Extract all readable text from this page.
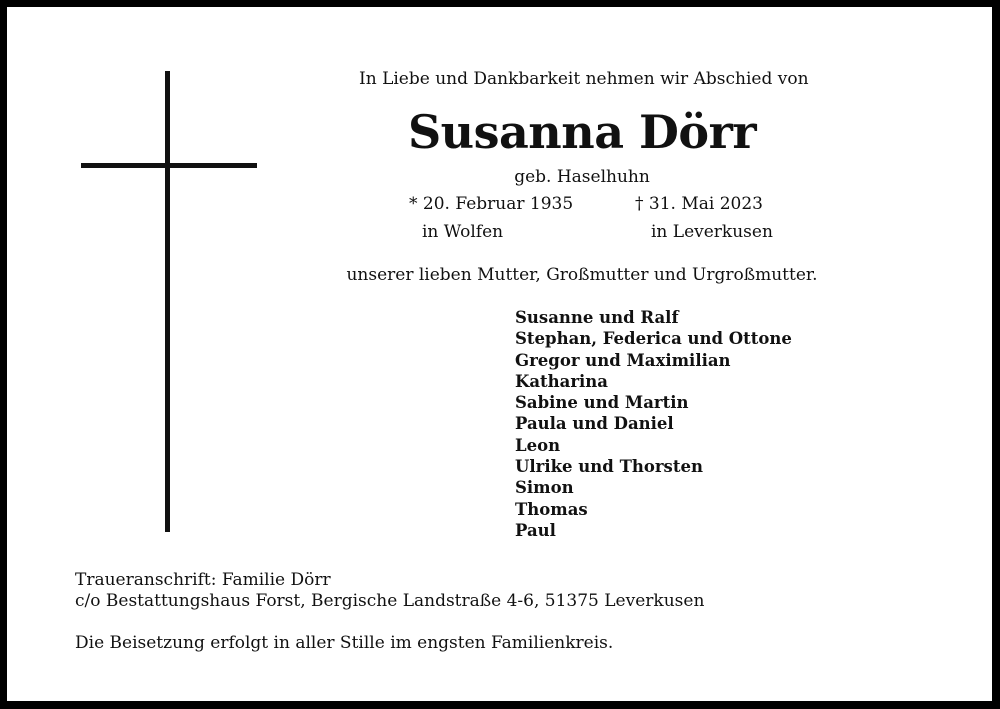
In Liebe und Dankbarkeit nehmen wir Abschied von
Susanna Dörr
geb. Haselhuhn
* 20. Februar 1935
in Wolfen
† 31. Mai 2023
in Leverkusen
unserer lieben Mutter, Großmutter und Urgroßmutter.
Susanne und Ralf
Stephan, Federica und Ottone
Gregor und Maximilian
Katharina
Sabine und Martin
Paula und Daniel
Leon
Ulrike und Thorsten
Simon
Thomas
Paul
Traueranschrift: Familie Dörr
c/o Bestattungshaus Forst, Bergische Landstraße 4-6, 51375 Leverkusen
Die Beisetzung erfolgt in aller Stille im engsten Familienkreis.
